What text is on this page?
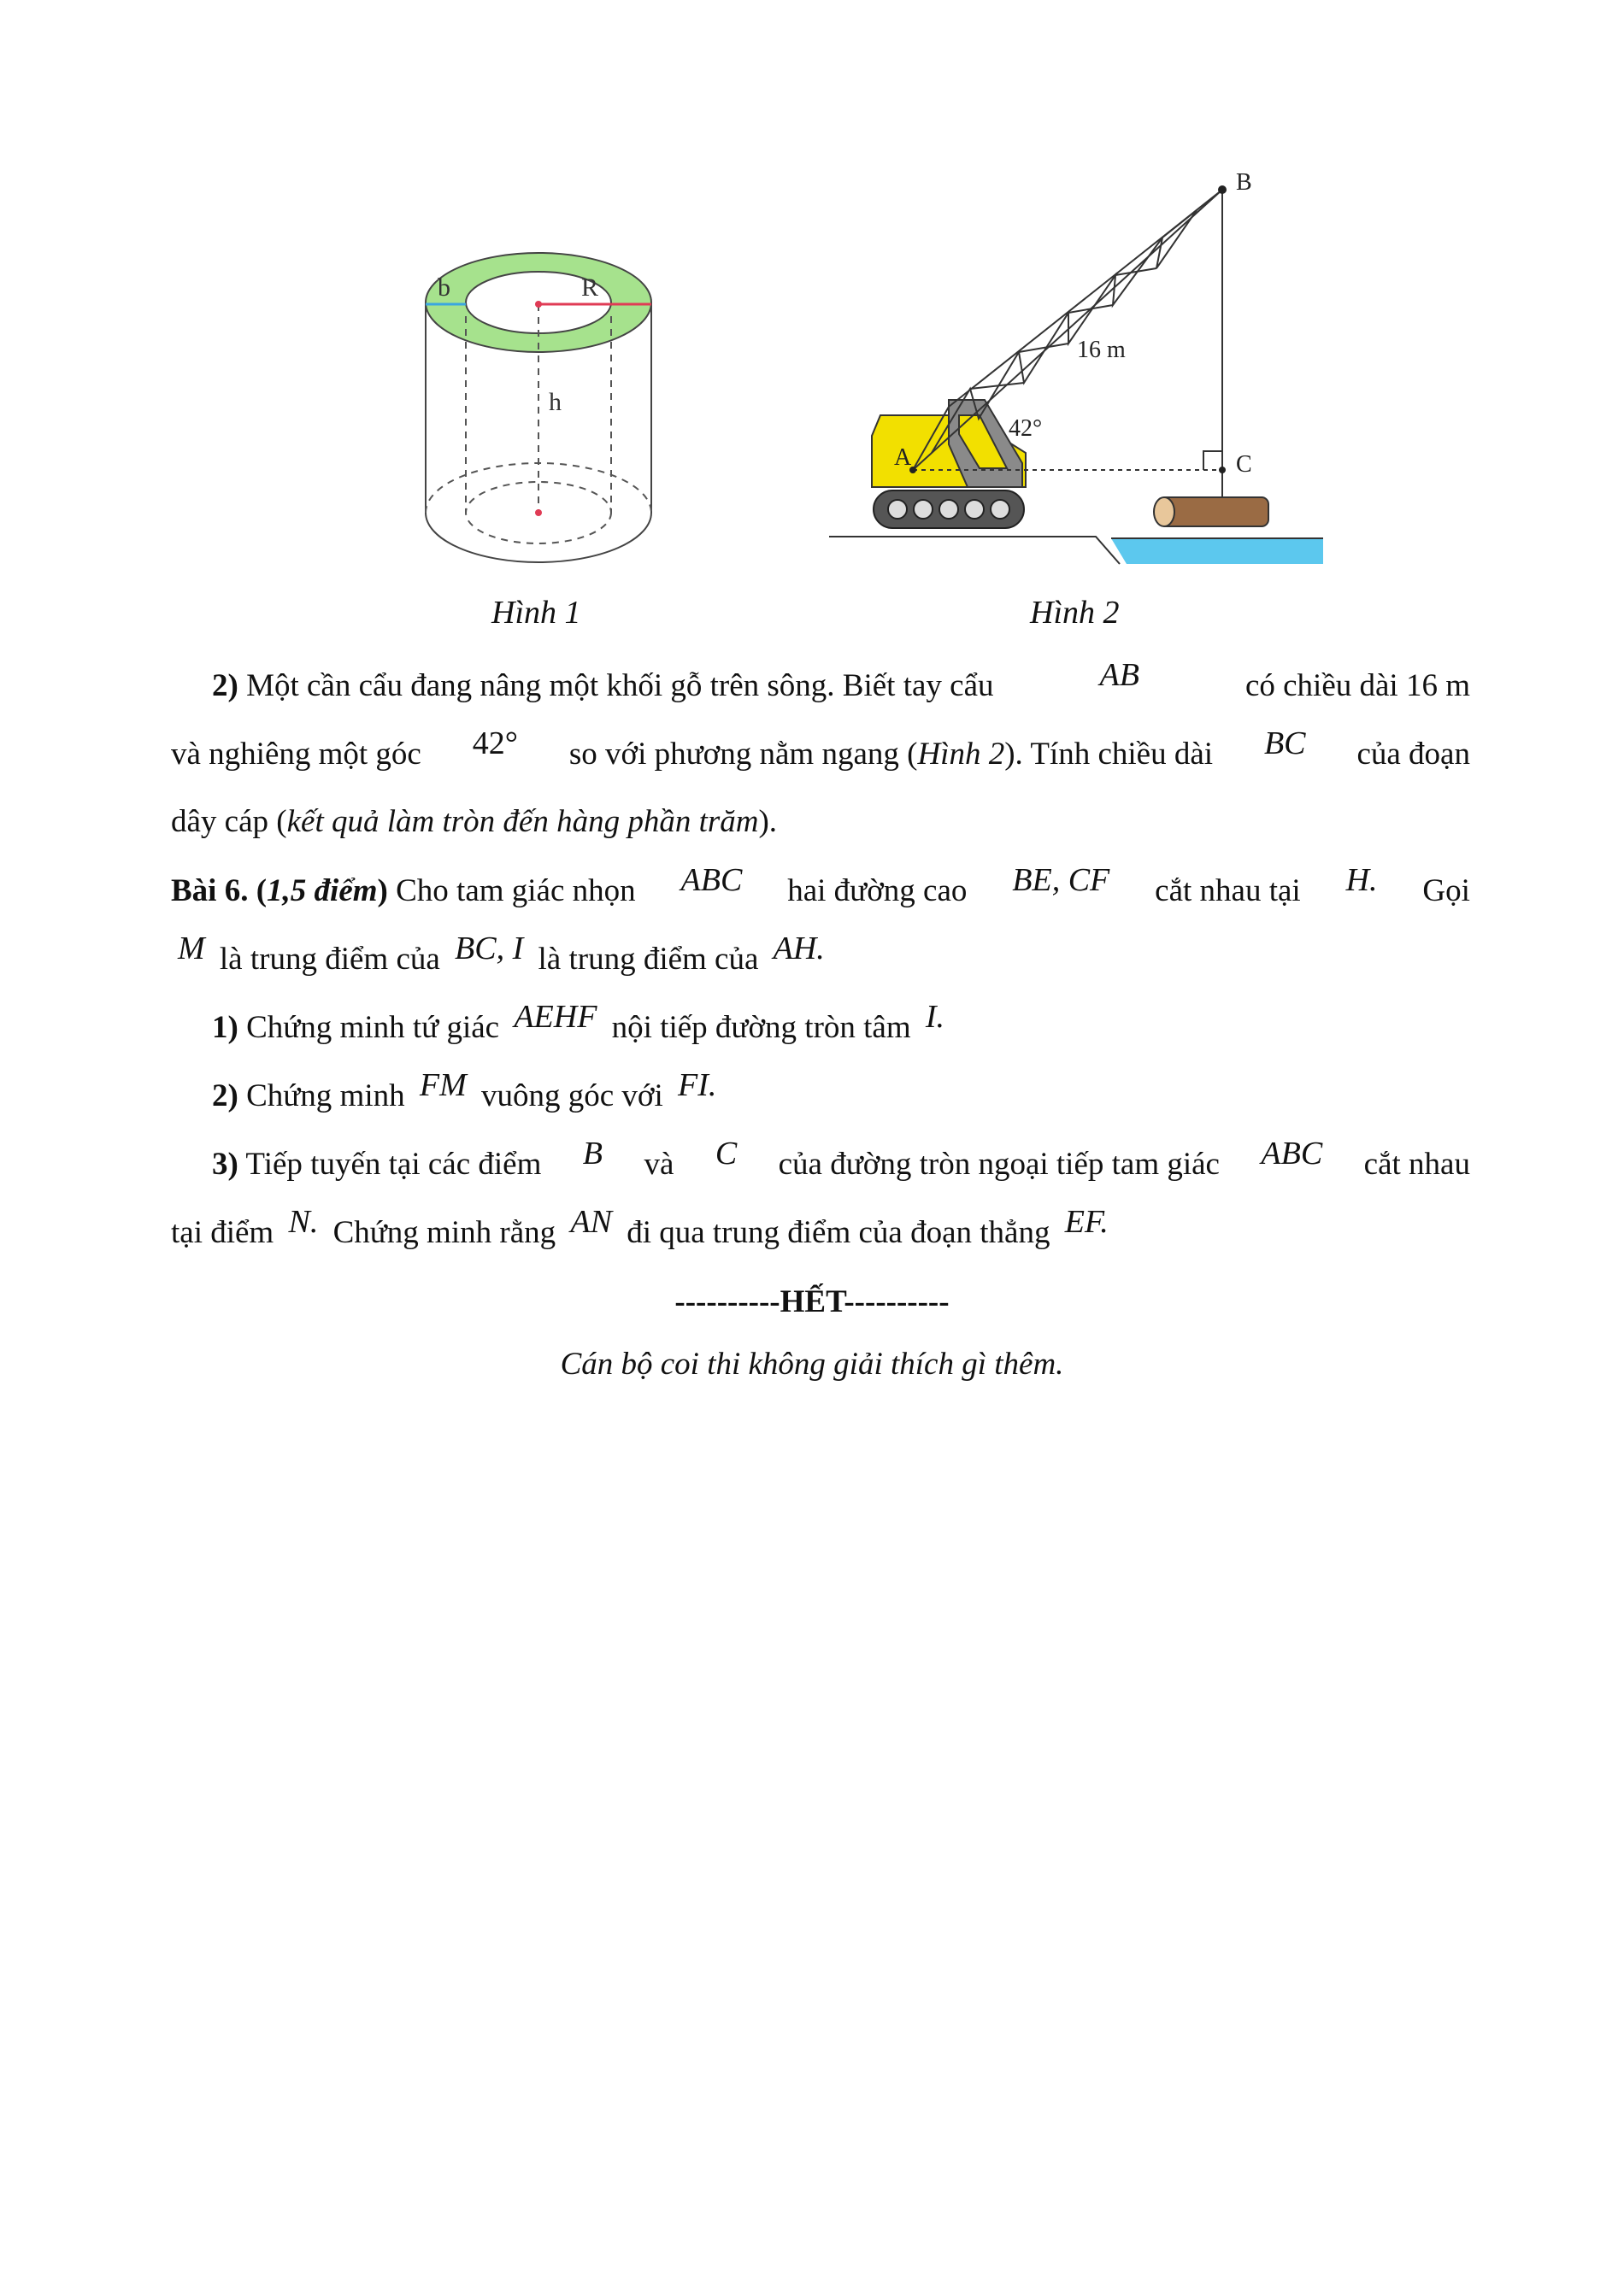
b	R
h
A
B
C
16 m
42°
Hình 1	Hình 2
2) Một cần cẩu đang nâng một khối gỗ trên sông. Biết tay cẩu	AB	có chiều dài 16 m
và nghiêng một góc 42° so với phương nằm ngang (Hình 2). Tính chiều dài BC của đoạn
dây cáp (kết quả làm tròn đến hàng phần trăm).
Bài 6. (1,5 điểm) Cho tam giác nhọn ABC hai đường cao BE, CF cắt nhau tại H. Gọi
M là trung điểm của BC, I là trung điểm của AH.
1) Chứng minh tứ giác AEHF nội tiếp đường tròn tâm I.
2) Chứng minh FM vuông góc với FI.
3) Tiếp tuyến tại các điểm B và C của đường tròn ngoại tiếp tam giác ABC cắt nhau
tại điểm N. Chứng minh rằng AN đi qua trung điểm của đoạn thẳng EF.
----------HẾT----------
Cán bộ coi thi không giải thích gì thêm.
